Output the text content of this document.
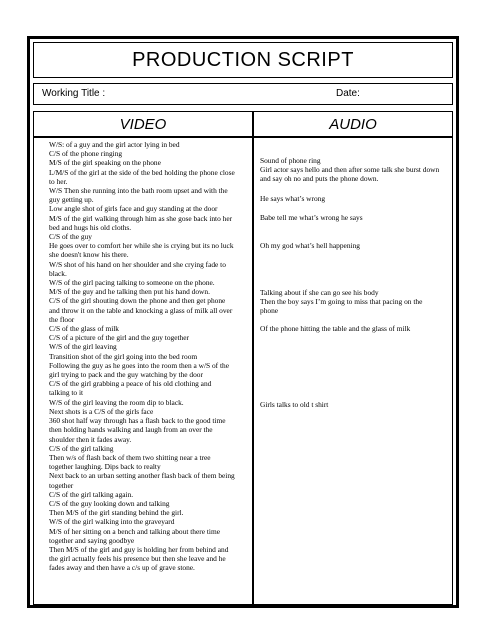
PRODUCTION SCRIPT
Working Title :	Date:
VIDEO	AUDIO
W/S: of a guy and the girl actor lying in bed
C/S of the phone ringing
M/S of the girl speaking on the phone
L/M/S of the girl at the side of the bed holding the phone close
to her.
W/S Then she running into the bath room upset and with the
guy getting up.
Low angle shot of girls face and guy standing at the door
M/S of the girl walking through him as she gose back into her
bed and hugs his old cloths.
C/S of the guy
He goes over to comfort her while she is crying but its no luck
she doesn't know his there.
W/S shot of his hand on her shoulder and she crying fade to
black.
W/S of the girl pacing talking to someone on the phone.
M/S of the guy and he talking then put his hand down.
C/S of the girl shouting down the phone and then get phone
and throw it on the table and knocking a glass of milk all over
the floor
C/S of the glass of milk
C/S of a picture of the girl and the guy together
W/S of the girl leaving
Transition shot of the girl going into the bed room
Following the guy as he goes into the room then a w/S of the
girl trying to pack and the guy watching by the door
C/S of the girl grabbing a peace of his old clothing and
talking to it
W/S of the girl leaving the room dip to black.
Next shots is a C/S of the girls face
360 shot half way through has a flash back to the good time
then holding hands walking and laugh from an over the
shoulder then it fades away.
C/S of the girl talking
Then w/s of flash back of them two shitting near a tree
together laughing. Dips back to realty
Next back to an urban setting another flash back of them being
together
C/S of the girl talking again.
C/S of the guy looking down and talking
Then M/S of the girl standing behind the girl.
W/S of the girl walking into the graveyard
M/S of her sitting on a bench and talking about there time
together and saying goodbye
Then M/S of the girl and guy is holding her from behind and
the girl actually feels his presence but then she leave and he
fades away and then have a c/s up of grave stone.
Sound of phone ring
Girl actor says hello and then after some talk she burst down
and say oh no and puts the phone down.
He says what’s wrong
Babe tell me what’s wrong he says
Oh my god what’s hell happening
Talking about if she can go see his body
Then the boy says I’m going to miss that pacing on the
phone
Of the phone hitting the table and the glass of milk
Girls talks to old t shirt
